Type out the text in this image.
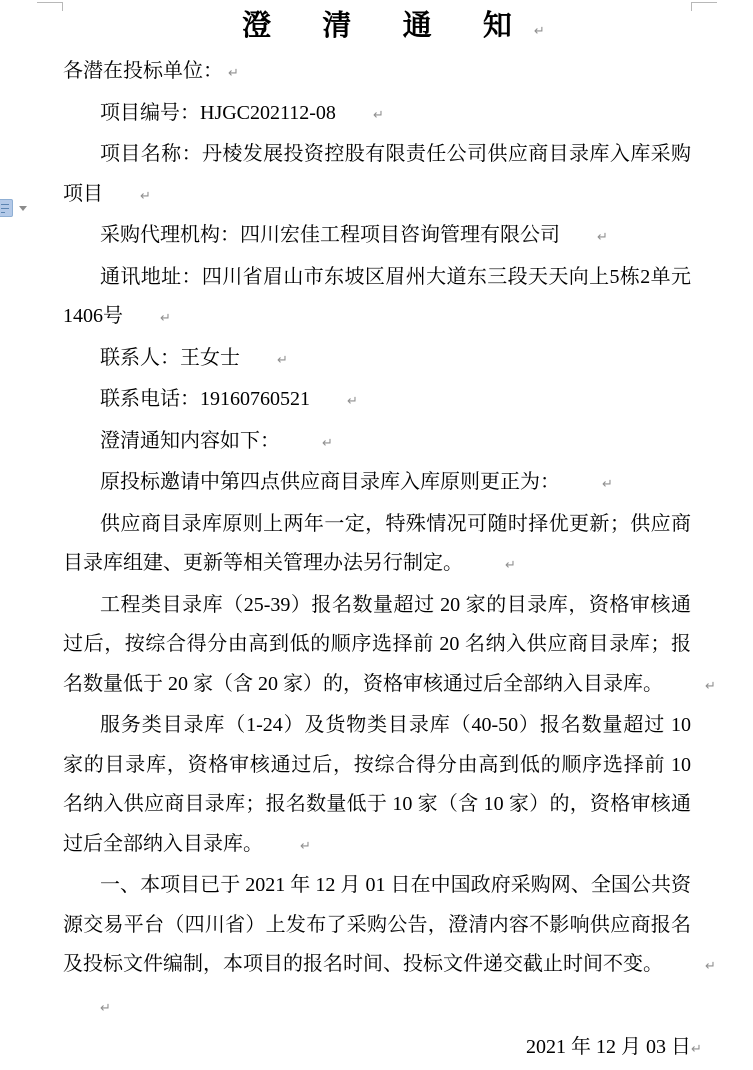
澄 清 通 知↵

各潜在投标单位： ↵

项目编号：HJGC202112-08	↵

项目名称：丹棱发展投资控股有限责任公司供应商目录库入库采购项目	↵

采购代理机构：四川宏佳工程项目咨询管理有限公司	↵

通讯地址：四川省眉山市东坡区眉州大道东三段天天向上5栋2单元1406号	↵

联系人：王女士	↵

联系电话：19160760521	↵

澄清通知内容如下：	↵

原投标邀请中第四点供应商目录库入库原则更正为：	↵

供应商目录库原则上两年一定，特殊情况可随时择优更新；供应商目录库组建、更新等相关管理办法另行制定。	↵

工程类目录库（25-39）报名数量超过 20 家的目录库，资格审核通过后，按综合得分由高到低的顺序选择前 20 名纳入供应商目录库；报名数量低于 20 家（含 20 家）的，资格审核通过后全部纳入目录库。	↵

服务类目录库（1-24）及货物类目录库（40-50）报名数量超过 10 家的目录库，资格审核通过后，按综合得分由高到低的顺序选择前 10 名纳入供应商目录库；报名数量低于 10 家（含 10 家）的，资格审核通过后全部纳入目录库。	↵

一、本项目已于 2021 年 12 月 01 日在中国政府采购网、全国公共资源交易平台（四川省）上发布了采购公告，澄清内容不影响供应商报名及投标文件编制，本项目的报名时间、投标文件递交截止时间不变。	↵

↵

2021 年 12 月 03 日↵
